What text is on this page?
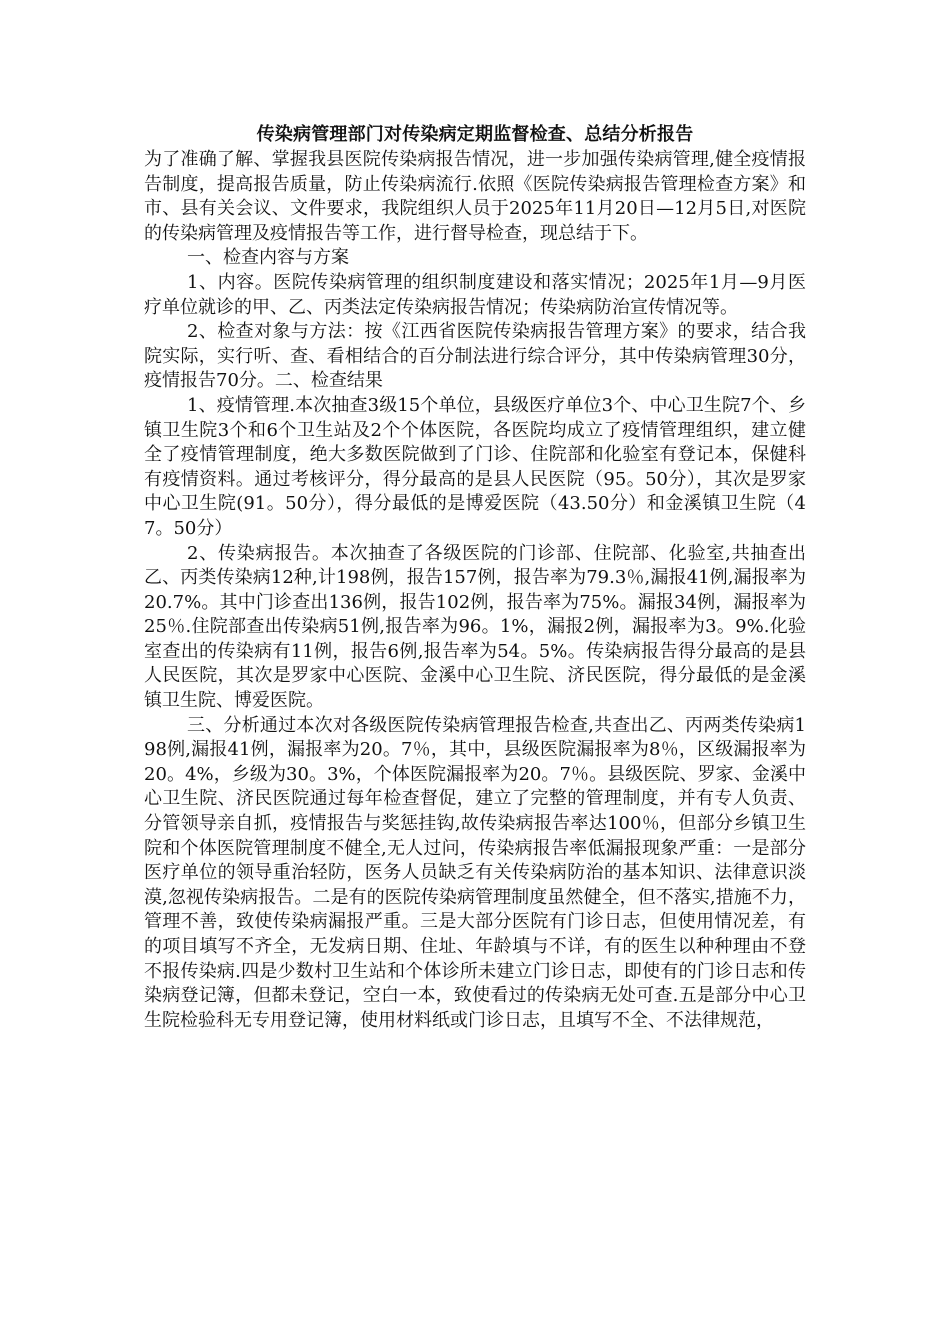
传染病管理部门对传染病定期监督检查、总结分析报告

为了准确了解、掌握我县医院传染病报告情况，进一步加强传染病管理,健全疫情报告制度，提高报告质量，防止传染病流行.依照《医院传染病报告管理检查方案》和市、县有关会议、文件要求，我院组织人员于2025年11月20日—12月5日,对医院的传染病管理及疫情报告等工作，进行督导检查，现总结于下。

一、检查内容与方案

1、内容。医院传染病管理的组织制度建设和落实情况；2025年1月—9月医疗单位就诊的甲、乙、丙类法定传染病报告情况；传染病防治宣传情况等。

2、检查对象与方法：按《江西省医院传染病报告管理方案》的要求，结合我院实际，实行听、查、看相结合的百分制法进行综合评分，其中传染病管理30分，疫情报告70分。二、检查结果

1、疫情管理.本次抽查3级15个单位，县级医疗单位3个、中心卫生院7个、乡镇卫生院3个和6个卫生站及2个个体医院，各医院均成立了疫情管理组织，建立健全了疫情管理制度，绝大多数医院做到了门诊、住院部和化验室有登记本，保健科有疫情资料。通过考核评分，得分最高的是县人民医院（95。50分），其次是罗家中心卫生院(91。50分），得分最低的是博爱医院（43.50分）和金溪镇卫生院（47。50分）

2、传染病报告。本次抽查了各级医院的门诊部、住院部、化验室,共抽查出乙、丙类传染病12种,计198例，报告157例，报告率为79.3％,漏报41例,漏报率为20.7%。其中门诊查出136例，报告102例，报告率为75%。漏报34例，漏报率为25％.住院部查出传染病51例,报告率为96。1%，漏报2例，漏报率为3。9%.化验室查出的传染病有11例，报告6例,报告率为54。5%。传染病报告得分最高的是县人民医院，其次是罗家中心医院、金溪中心卫生院、济民医院，得分最低的是金溪镇卫生院、博爱医院。

三、分析通过本次对各级医院传染病管理报告检查,共查出乙、丙两类传染病198例,漏报41例，漏报率为20。7％，其中，县级医院漏报率为8％，区级漏报率为20。4%，乡级为30。3%，个体医院漏报率为20。7％。县级医院、罗家、金溪中心卫生院、济民医院通过每年检查督促，建立了完整的管理制度，并有专人负责、分管领导亲自抓，疫情报告与奖惩挂钩,故传染病报告率达100％，但部分乡镇卫生院和个体医院管理制度不健全,无人过问，传染病报告率低漏报现象严重：一是部分医疗单位的领导重治轻防，医务人员缺乏有关传染病防治的基本知识、法律意识淡漠,忽视传染病报告。二是有的医院传染病管理制度虽然健全，但不落实,措施不力，管理不善，致使传染病漏报严重。三是大部分医院有门诊日志，但使用情况差，有的项目填写不齐全，无发病日期、住址、年龄填与不详，有的医生以种种理由不登不报传染病.四是少数村卫生站和个体诊所未建立门诊日志，即使有的门诊日志和传染病登记簿，但都未登记，空白一本，致使看过的传染病无处可查.五是部分中心卫生院检验科无专用登记簿，使用材料纸或门诊日志，且填写不全、不法律规范，
